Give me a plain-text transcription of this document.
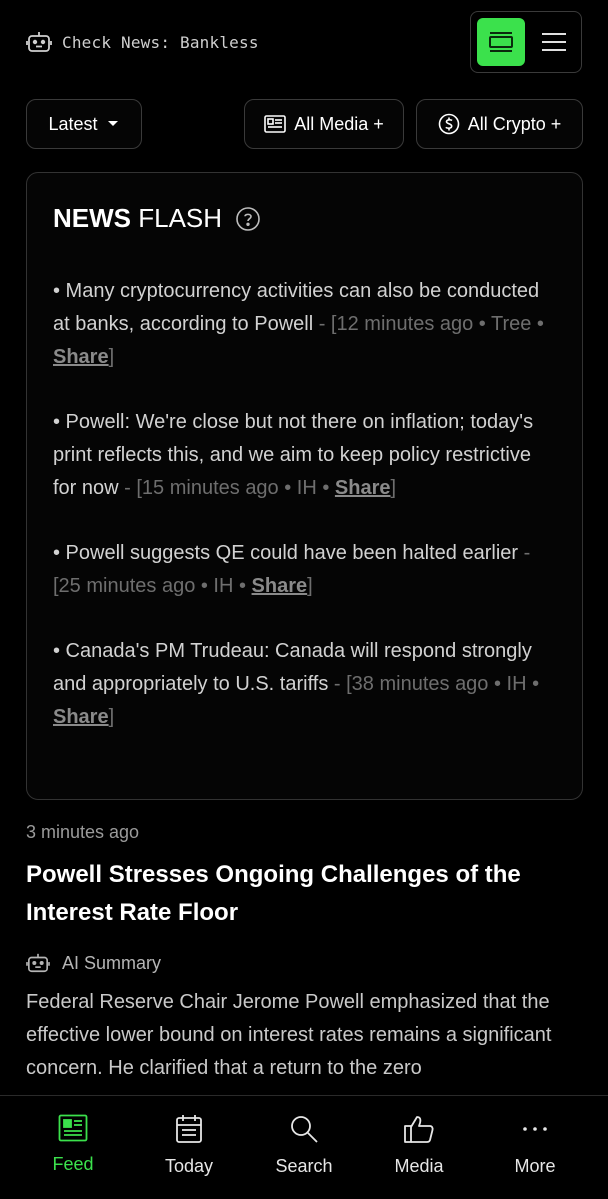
Check News: Bankless
Latest	All Media +	All Crypto +
NEWS FLASH
• Many cryptocurrency activities can also be conducted at banks, according to Powell - [12 minutes ago • Tree • Share]
• Powell: We're close but not there on inflation; today's print reflects this, and we aim to keep policy restrictive for now - [15 minutes ago • IH • Share]
• Powell suggests QE could have been halted earlier - [25 minutes ago • IH • Share]
• Canada's PM Trudeau: Canada will respond strongly and appropriately to U.S. tariffs - [38 minutes ago • IH • Share]
3 minutes ago
Powell Stresses Ongoing Challenges of the Interest Rate Floor
AI Summary
Federal Reserve Chair Jerome Powell emphasized that the effective lower bound on interest rates remains a significant concern. He clarified that a return to the zero
Feed	Today	Search	Media	More
